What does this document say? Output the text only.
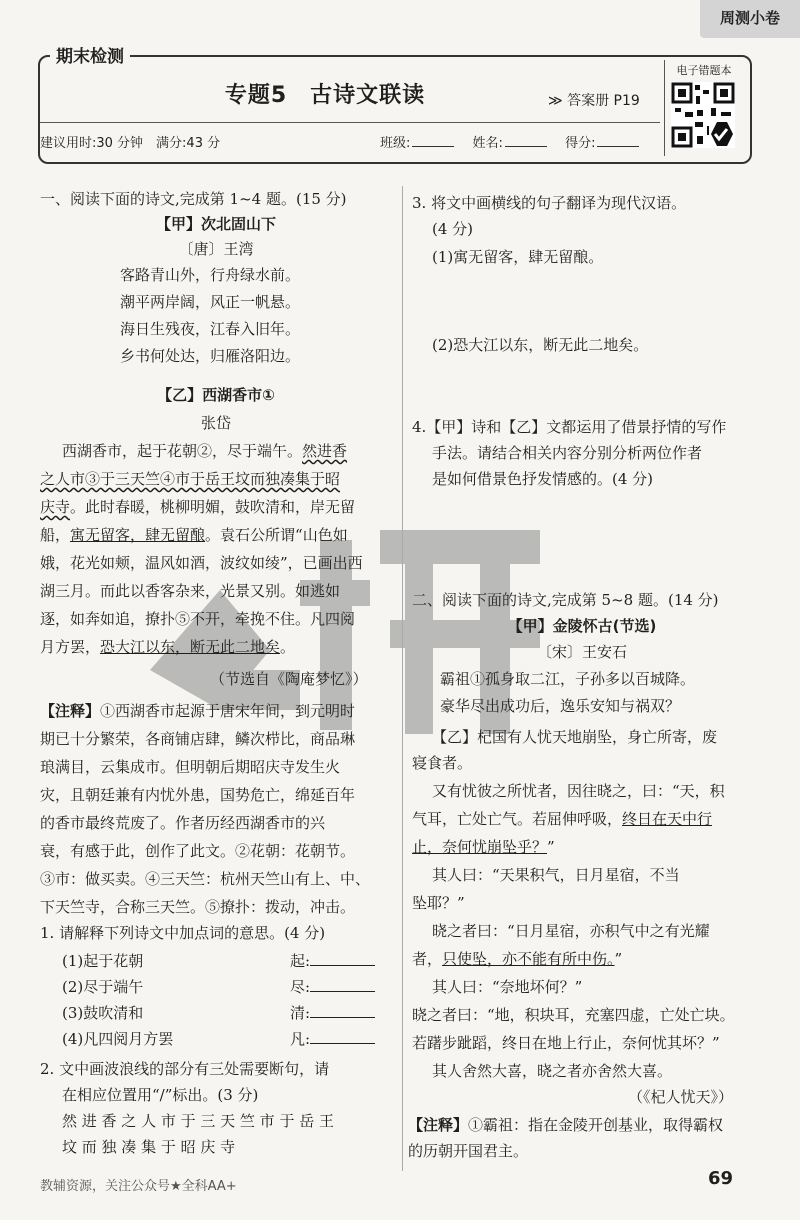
周测小卷
期末检测
专题5　古诗文联读	≫ 答案册 P19
建议用时:30 分钟　满分:43 分	班级:	姓名:	得分:
电子错题本
一、阅读下面的诗文,完成第 1~4 题。(15 分)
【甲】次北固山下
〔唐〕王湾
客路青山外，行舟绿水前。
潮平两岸阔，风正一帆悬。
海日生残夜，江春入旧年。
乡书何处达，归雁洛阳边。
【乙】西湖香市①
张岱
西湖香市，起于花朝②，尽于端午。然进香
之人市③于三天竺④市于岳王坟而独凑集于昭
庆寺。此时春暖，桃柳明媚，鼓吹清和，岸无留
船，寓无留客，肆无留酿。袁石公所谓“山色如
娥，花光如颊，温风如酒，波纹如绫”，已画出西
湖三月。而此以香客杂来，光景又别。如逃如
逐，如奔如追，撩扑⑤不开，牵挽不住。凡四阅
月方罢，恐大江以东，断无此二地矣。
（节选自《陶庵梦忆》）
【注释】①西湖香市起源于唐宋年间，到元明时
期已十分繁荣，各商铺店肆，鳞次栉比，商品琳
琅满目，云集成市。但明朝后期昭庆寺发生火
灾，且朝廷兼有内忧外患，国势危亡，绵延百年
的香市最终荒废了。作者历经西湖香市的兴
衰，有感于此，创作了此文。②花朝：花朝节。
③市：做买卖。④三天竺：杭州天竺山有上、中、
下天竺寺，合称三天竺。⑤撩扑：拨动，冲击。
1. 请解释下列诗文中加点词的意思。(4 分)
(1)起于花朝	起:
(2)尽于端午	尽:
(3)鼓吹清和	清:
(4)凡四阅月方罢	凡:
2. 文中画波浪线的部分有三处需要断句，请
在相应位置用“/”标出。(3 分)
然 进 香 之 人 市 于 三 天 竺 市 于 岳 王
坟 而 独 凑 集 于 昭 庆 寺
3. 将文中画横线的句子翻译为现代汉语。
(4 分)
(1)寓无留客，肆无留酿。
(2)恐大江以东，断无此二地矣。
4.【甲】诗和【乙】文都运用了借景抒情的写作
手法。请结合相关内容分别分析两位作者
是如何借景色抒发情感的。(4 分)
二、阅读下面的诗文,完成第 5~8 题。(14 分)
【甲】金陵怀古(节选)
〔宋〕王安石
霸祖①孤身取二江，子孙多以百城降。
豪华尽出成功后，逸乐安知与祸双？
【乙】杞国有人忧天地崩坠，身亡所寄，废
寝食者。
又有忧彼之所忧者，因往晓之，曰：“天，积
气耳，亡处亡气。若屈伸呼吸，终日在天中行
止，奈何忧崩坠乎？”
其人曰：“天果积气，日月星宿，不当
坠耶？”
晓之者曰：“日月星宿，亦积气中之有光耀
者，只使坠，亦不能有所中伤。”
其人曰：“奈地坏何？”
晓之者曰：“地，积块耳，充塞四虚，亡处亡块。
若躇步跐蹈，终日在地上行止，奈何忧其坏？”
其人舍然大喜，晓之者亦舍然大喜。
（《杞人忧天》）
【注释】①霸祖：指在金陵开创基业，取得霸权
的历朝开国君主。
教辅资源，关注公众号★全科AA+	69
